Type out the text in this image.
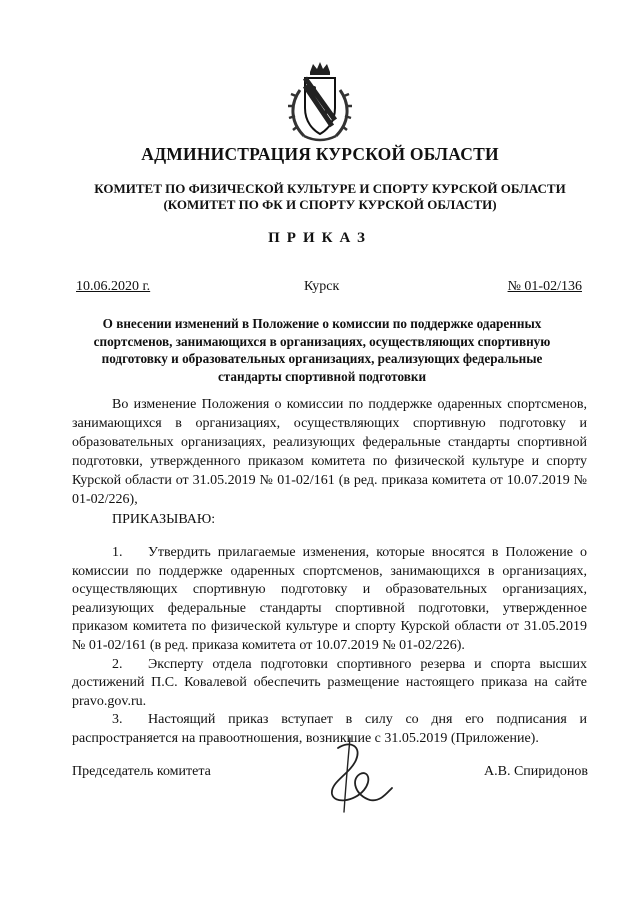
АДМИНИСТРАЦИЯ КУРСКОЙ ОБЛАСТИ
КОМИТЕТ ПО ФИЗИЧЕСКОЙ КУЛЬТУРЕ И СПОРТУ КУРСКОЙ ОБЛАСТИ
(КОМИТЕТ ПО ФК И СПОРТУ КУРСКОЙ ОБЛАСТИ)
ПРИКАЗ
10.06.2020 г.	Курск	№ 01-02/136
О внесении изменений в Положение о комиссии по поддержке одаренных спортсменов, занимающихся в организациях, осуществляющих спортивную подготовку и образовательных организациях, реализующих федеральные стандарты спортивной подготовки
Во изменение Положения о комиссии по поддержке одаренных спортсменов, занимающихся в организациях, осуществляющих спортивную подготовку и образовательных организациях, реализующих федеральные стандарты спортивной подготовки, утвержденного приказом комитета по физической культуре и спорту Курской области от 31.05.2019 № 01-02/161 (в ред. приказа комитета от 10.07.2019 № 01-02/226),
ПРИКАЗЫВАЮ:

1. Утвердить прилагаемые изменения, которые вносятся в Положение о комиссии по поддержке одаренных спортсменов, занимающихся в организациях, осуществляющих спортивную подготовку и образовательных организациях, реализующих федеральные стандарты спортивной подготовки, утвержденное приказом комитета по физической культуре и спорту Курской области от 31.05.2019 № 01-02/161 (в ред. приказа комитета от 10.07.2019 № 01-02/226).

2. Эксперту отдела подготовки спортивного резерва и спорта высших достижений П.С. Ковалевой обеспечить размещение настоящего приказа на сайте pravo.gov.ru.

3. Настоящий приказ вступает в силу со дня его подписания и распространяется на правоотношения, возникшие с 31.05.2019 (Приложение).

Председатель комитета	А.В. Спиридонов
